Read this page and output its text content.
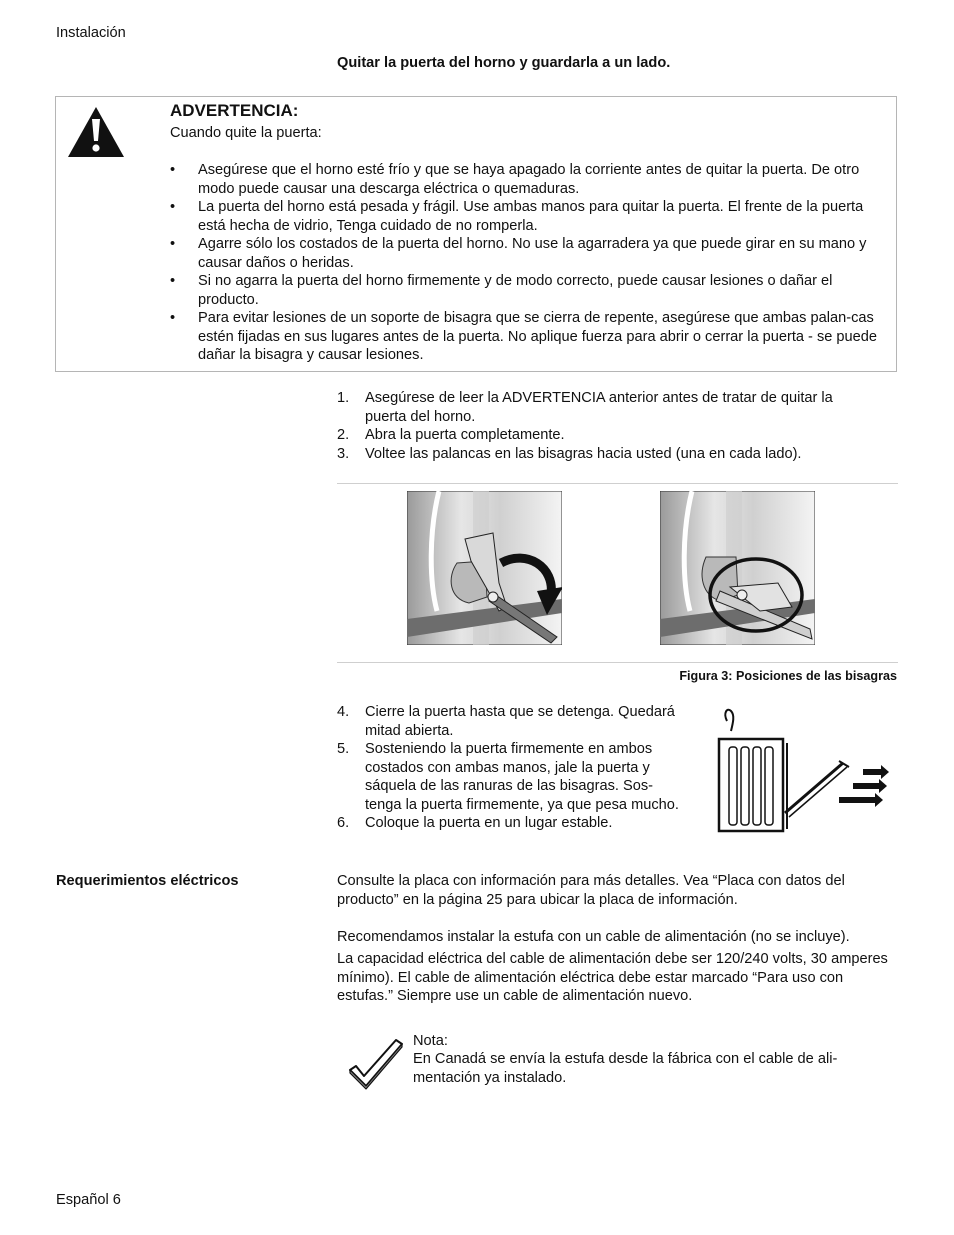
Instalación
Quitar la puerta del horno y guardarla a un lado.
ADVERTENCIA:
Cuando quite la puerta:
• Asegúrese que el horno esté frío y que se haya apagado la corriente antes de quitar la puerta. De otro modo puede causar una descarga eléctrica o quemaduras.
• La puerta del horno está pesada y frágil. Use ambas manos para quitar la puerta. El frente de la puerta está hecha de vidrio, Tenga cuidado de no romperla.
• Agarre sólo los costados de la puerta del horno. No use la agarradera ya que puede girar en su mano y causar daños o heridas.
• Si no agarra la puerta del horno firmemente y de modo correcto, puede causar lesiones o dañar el producto.
• Para evitar lesiones de un soporte de bisagra que se cierra de repente, asegúrese que ambas palan-cas estén fijadas en sus lugares antes de la puerta. No aplique fuerza para abrir o cerrar la puerta - se puede dañar la bisagra y causar lesiones.
1. Asegúrese de leer la ADVERTENCIA anterior antes de tratar de quitar la puerta del horno.
2. Abra la puerta completamente.
3. Voltee las palancas en las bisagras hacia usted (una en cada lado).
Figura 3: Posiciones de las bisagras
4. Cierre la puerta hasta que se detenga. Quedará mitad abierta.
5. Sosteniendo la puerta firmemente en ambos costados con ambas manos, jale la puerta y sáquela de las ranuras de las bisagras. Sos-tenga la puerta firmemente, ya que pesa mucho.
6. Coloque la puerta en un lugar estable.
Requerimientos eléctricos	Consulte la placa con información para más detalles. Vea “Placa con datos del producto” en la página 25 para ubicar la placa de información.

Recomendamos instalar la estufa con un cable de alimentación (no se incluye).

La capacidad eléctrica del cable de alimentación debe ser 120/240 volts, 30 amperes mínimo). El cable de alimentación eléctrica debe estar marcado “Para uso con estufas.” Siempre use un cable de alimentación nuevo.

Nota:

En Canadá se envía la estufa desde la fábrica con el cable de ali-mentación ya instalado.

Español 6
